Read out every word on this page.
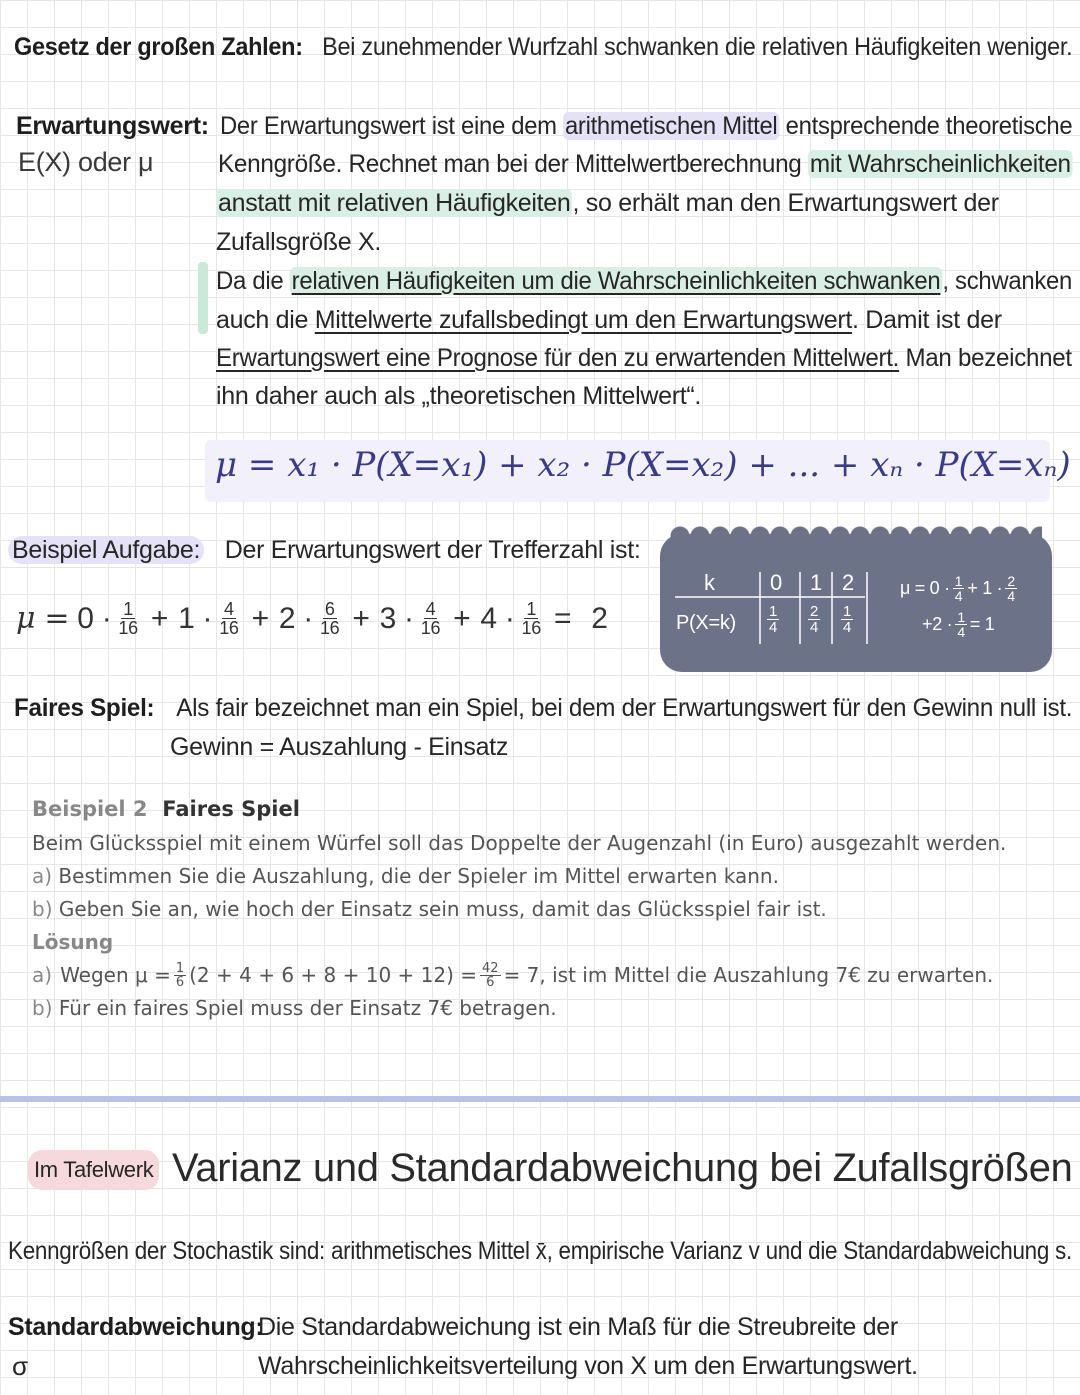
Gesetz der großen Zahlen: Bei zunehmender Wurfzahl schwanken die relativen Häufigkeiten weniger.
Erwartungswert:
E(X) oder μ
Der Erwartungswert ist eine dem arithmetischen Mittel entsprechende theoretische
Kenngröße. Rechnet man bei der Mittelwertberechnung mit Wahrscheinlichkeiten
anstatt mit relativen Häufigkeiten, so erhält man den Erwartungswert der
Zufallsgröße X.
Da die relativen Häufigkeiten um die Wahrscheinlichkeiten schwanken, schwanken
auch die Mittelwerte zufallsbedingt um den Erwartungswert. Damit ist der
Erwartungswert eine Prognose für den zu erwartenden Mittelwert. Man bezeichnet
ihn daher auch als „theoretischen Mittelwert“.
μ = x₁ · P(X=x₁) + x₂ · P(X=x₂) + ... + xₙ · P(X=xₙ)
Beispiel Aufgabe: Der Erwartungswert der Trefferzahl ist:
$\mu = 0 \cdot \frac{1}{16} + 1 \cdot \frac{4}{16} + 2 \cdot \frac{6}{16} + 3 \cdot \frac{4}{16} + 4 \cdot \frac{1}{16} = 2$
k
P(X=k)
0 1 2
$\frac{1}{4} \frac{2}{4} \frac{1}{4}$
$\mu = 0 \cdot \frac{1}{4} + 1 \cdot \frac{2}{4}$
$+2 \cdot \frac{1}{4} = 1$
Faires Spiel: Als fair bezeichnet man ein Spiel, bei dem der Erwartungswert für den Gewinn null ist.
Gewinn = Auszahlung - Einsatz
Beispiel 2 Faires Spiel
Beim Glücksspiel mit einem Würfel soll das Doppelte der Augenzahl (in Euro) ausgezahlt werden.
a) Bestimmen Sie die Auszahlung, die der Spieler im Mittel erwarten kann.
b) Geben Sie an, wie hoch der Einsatz sein muss, damit das Glücksspiel fair ist.
Lösung
a) Wegen $\mu = \frac{1}{6} (2 + 4 + 6 + 8 + 10 + 12) = \frac{42}{6} = 7$, ist im Mittel die Auszahlung 7€ zu erwarten.
b) Für ein faires Spiel muss der Einsatz 7€ betragen.
Im Tafelwerk Varianz und Standardabweichung bei Zufallsgrößen
Kenngrößen der Stochastik sind: arithmetisches Mittel x̄, empirische Varianz v und die Standardabweichung s.
Standardabweichung:
Die Standardabweichung ist ein Maß für die Streubreite der
σ	Wahrscheinlichkeitsverteilung von X um den Erwartungswert.
